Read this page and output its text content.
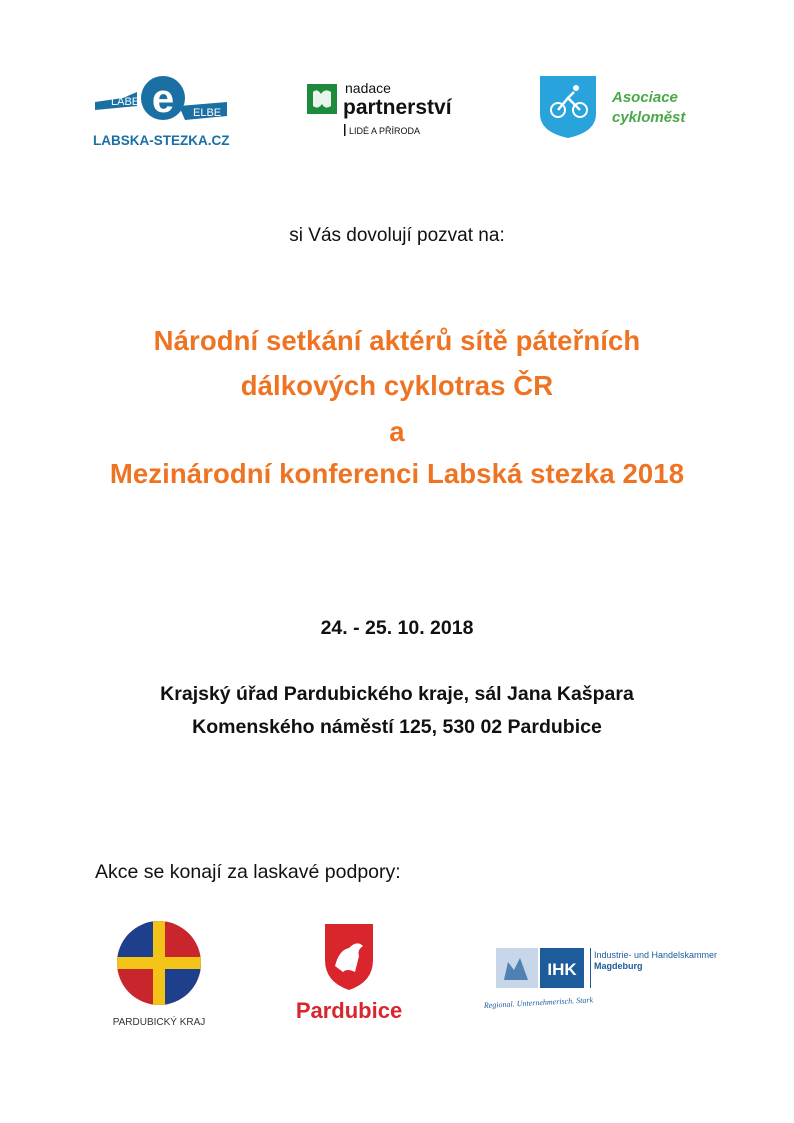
LABE e ELBE
LABSKA-STEZKA.CZ
nadace
partnerství
LIDÉ A PŘÍRODA
Asociace
cykloměst
si Vás dovolují pozvat na:
Národní setkání aktérů sítě páteřních
dálkových cyklotras ČR
a
Mezinárodní konferenci Labská stezka 2018
24. - 25. 10. 2018
Krajský úřad Pardubického kraje, sál Jana Kašpara
Komenského náměstí 125, 530 02 Pardubice
Akce se konají za laskavé podpory:
PARDUBICKÝ KRAJ	Pardubice
IHK
Industrie- und Handelskammer
Magdeburg
Regional. Unternehmerisch. Stark
